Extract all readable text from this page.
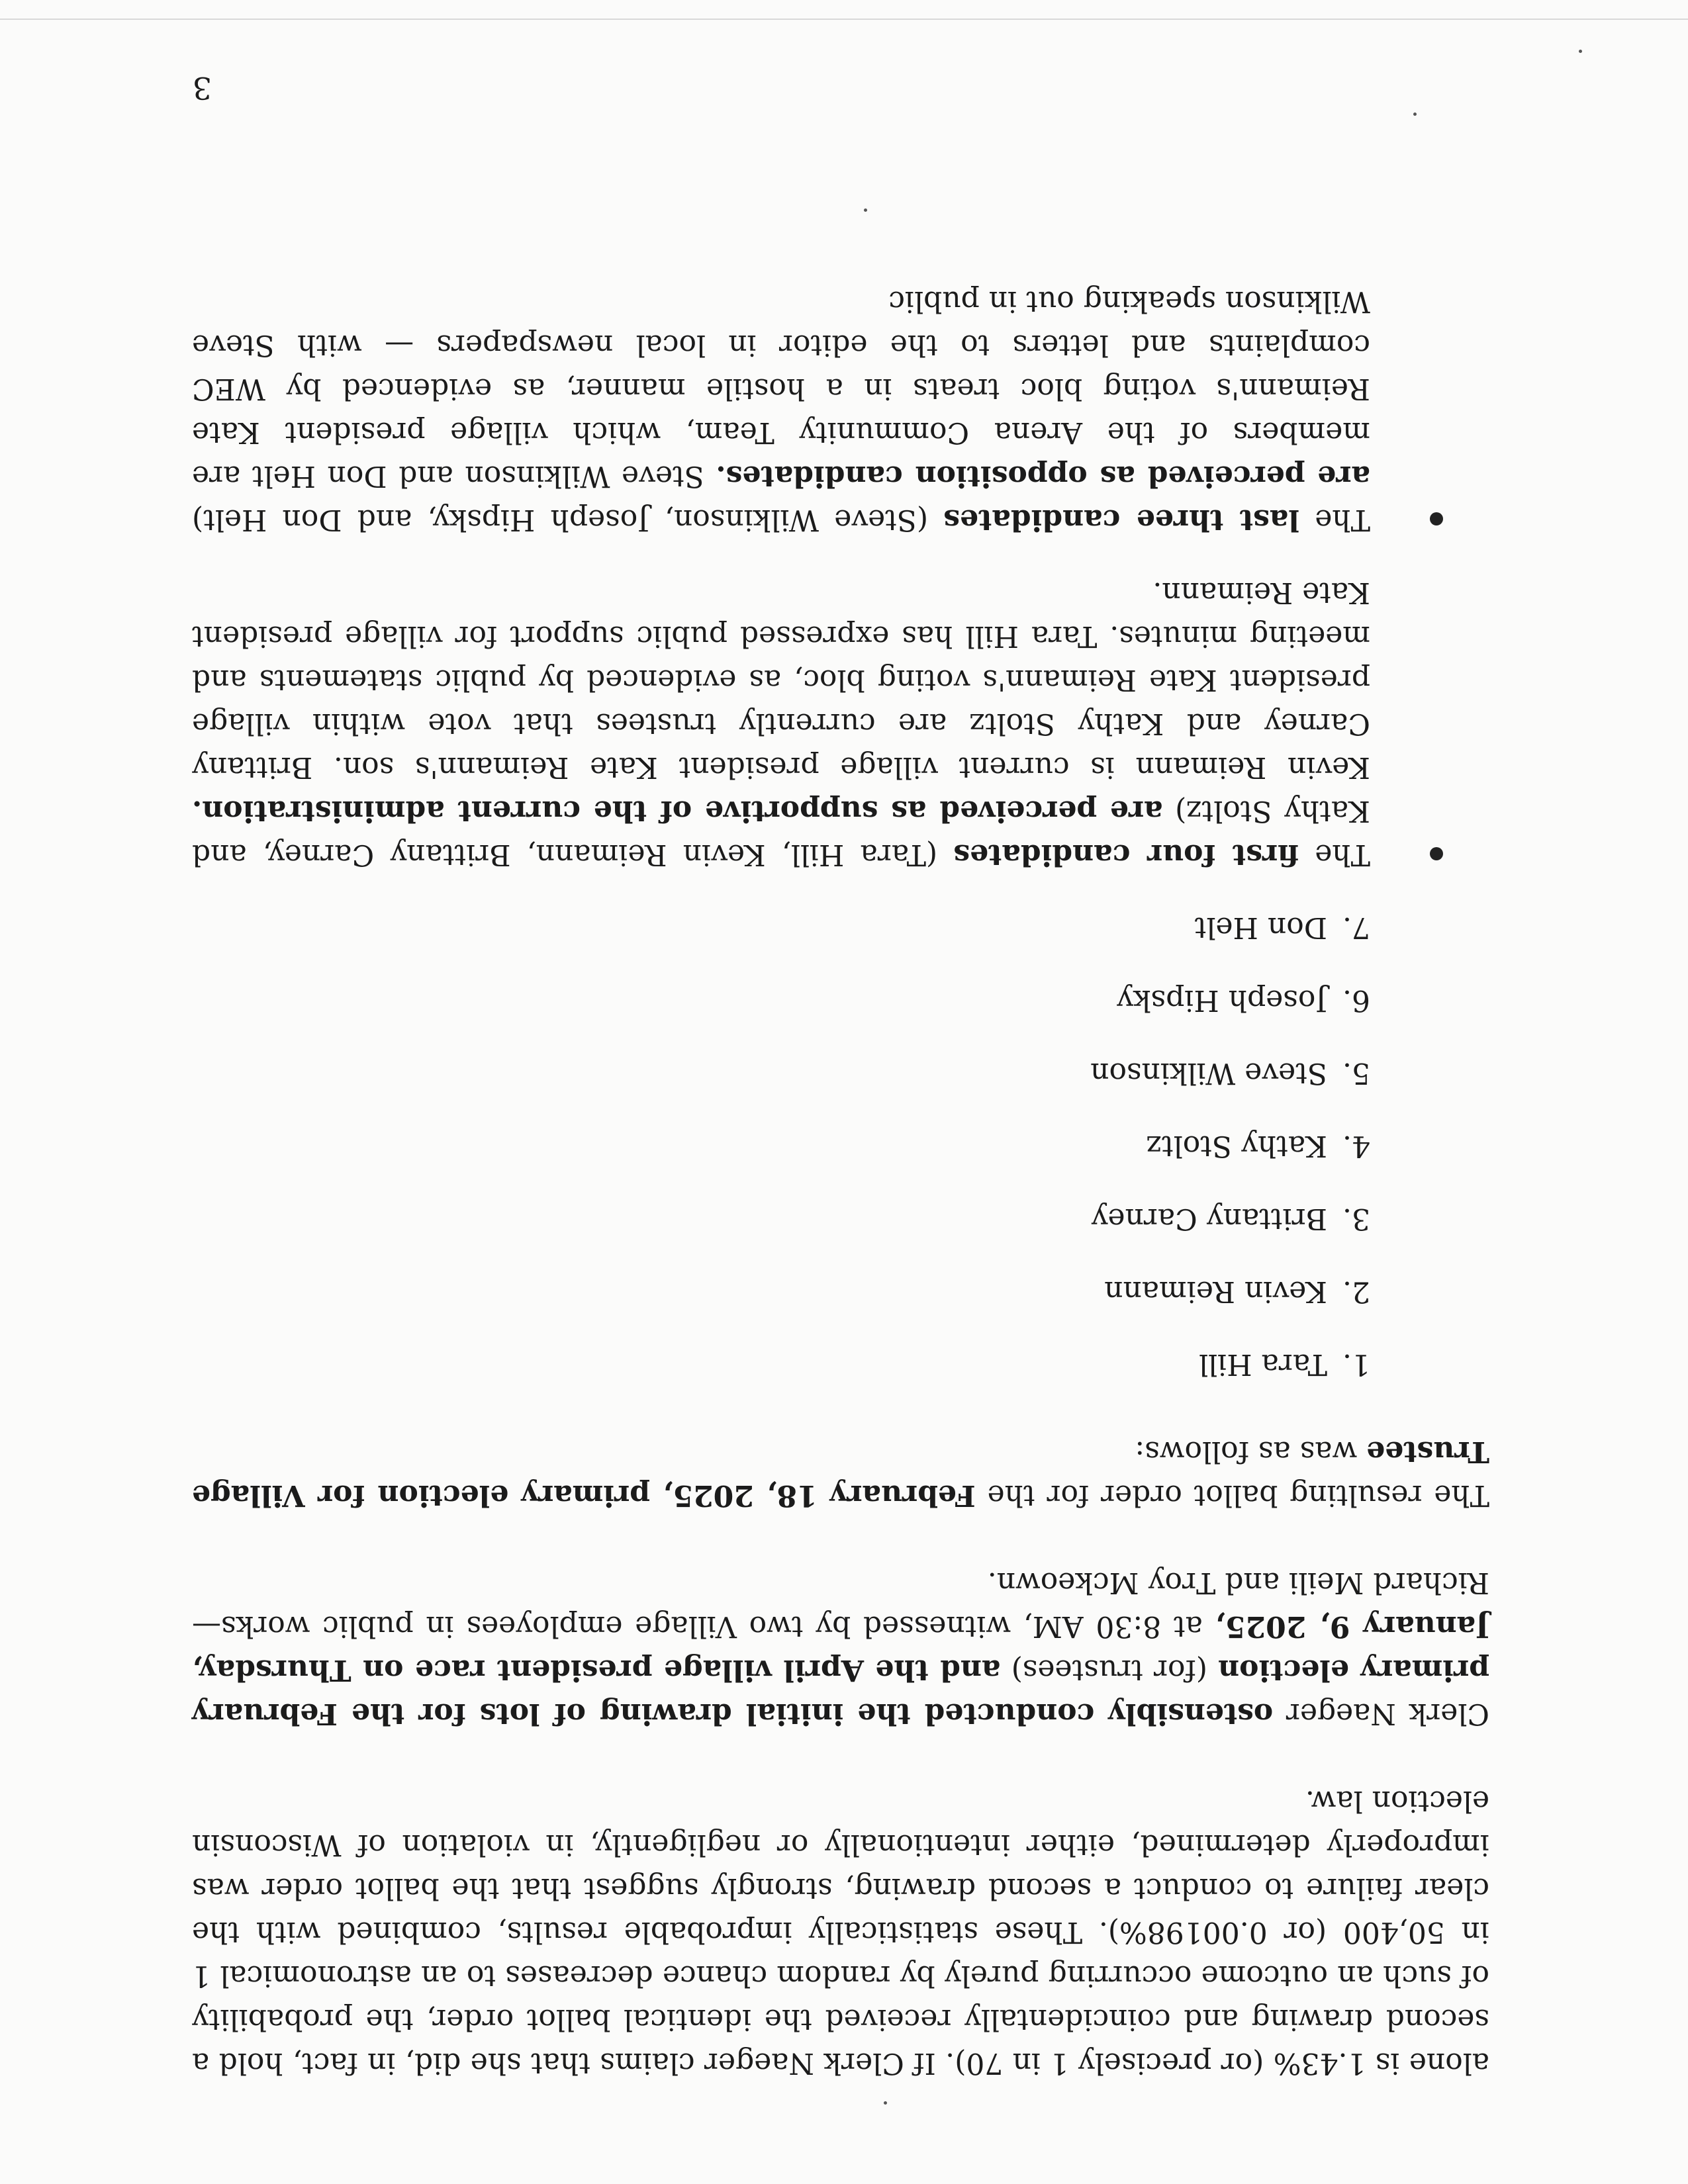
alone is 1.43% (or precisely 1 in 70). If Clerk Naeger claims that she did, in fact, hold a second drawing and coincidentally received the identical ballot order, the probability of such an outcome occurring purely by random chance decreases to an astronomical 1 in 50,400 (or 0.00198%). These statistically improbable results, combined with the clear failure to conduct a second drawing, strongly suggest that the ballot order was improperly determined, either intentionally or negligently, in violation of Wisconsin election law.

Clerk Naeger ostensibly conducted the initial drawing of lots for the February primary election (for trustees) and the April village president race on Thursday, January 9, 2025, at 8:30 AM, witnessed by two Village employees in public works—Richard Meili and Troy Mckeown.

The resulting ballot order for the February 18, 2025, primary election for Village Trustee was as follows:

1.Tara Hill
2.Kevin Reimann
3.Brittany Carney
4.Kathy Stoltz
5.Steve Wilkinson
6.Joseph Hipsky
7.Don Helt
The first four candidates (Tara Hill, Kevin Reimann, Brittany Carney, and Kathy Stoltz) are perceived as supportive of the current administration. Kevin Reimann is current village president Kate Reimann's son. Brittany Carney and Kathy Stoltz are currently trustees that vote within village president Kate Reimann's voting bloc, as evidenced by public statements and meeting minutes. Tara Hill has expressed public support for village president Kate Reimann.
The last three candidates (Steve Wilkinson, Joseph Hipsky, and Don Helt) are perceived as opposition candidates. Steve Wilkinson and Don Helt are members of the Arena Community Team, which village president Kate Reimann's voting bloc treats in a hostile manner, as evidenced by WEC complaints and letters to the editor in local newspapers — with Steve Wilkinson speaking out in public
3
